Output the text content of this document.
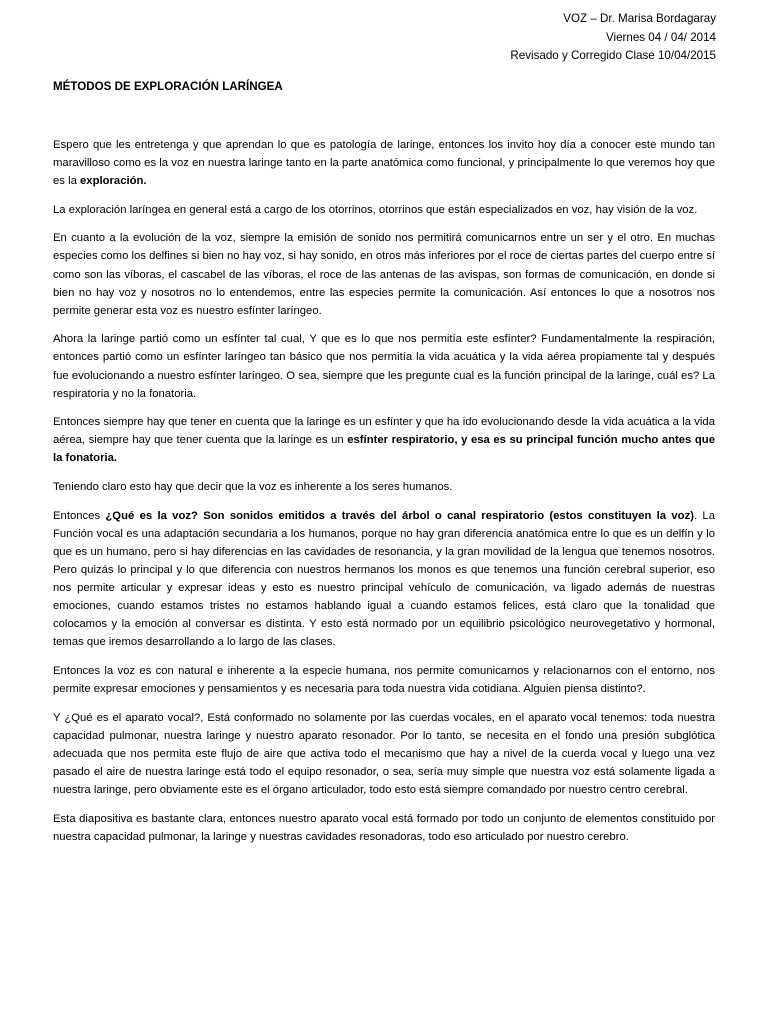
VOZ – Dr. Marisa Bordagaray
Viernes 04 / 04/ 2014
Revisado y Corregido Clase 10/04/2015
MÉTODOS DE EXPLORACIÓN LARÍNGEA

Espero que les entretenga y que aprendan lo que es patología de laringe, entonces los invito hoy día a conocer este mundo tan maravilloso como es la voz en nuestra laringe tanto en la parte anatómica como funcional, y principalmente lo que veremos hoy que es la exploración.

La exploración laríngea en general está a cargo de los otorrinos, otorrinos que están especializados en voz, hay visión de la voz.

En cuanto a la evolución de la voz, siempre la emisión de sonido nos permitirá comunicarnos entre un ser y el otro. En muchas especies como los delfines si bien no hay voz, si hay sonido, en otros más inferiores por el roce de ciertas partes del cuerpo entre sí como son las víboras, el cascabel de las víboras, el roce de las antenas de las avispas, son formas de comunicación, en donde si bien no hay voz y nosotros no lo entendemos, entre las especies permite la comunicación. Así entonces lo que a nosotros nos permite generar esta voz es nuestro esfínter laríngeo.

Ahora la laringe partió como un esfínter tal cual, Y que es lo que nos permitía este esfínter? Fundamentalmente la respiración, entonces partió como un esfínter laríngeo tan básico que nos permitía la vida acuática y la vida aérea propiamente tal y después fue evolucionando a nuestro esfínter laríngeo. O sea, siempre que les pregunte cual es la función principal de la laringe, cuál es? La respiratoria y no la fonatoria.

Entonces siempre hay que tener en cuenta que la laringe es un esfínter y que ha ido evolucionando desde la vida acuática a la vida aérea, siempre hay que tener cuenta que la laringe es un esfínter respiratorio, y esa es su principal función mucho antes que la fonatoria.

Teniendo claro esto hay que decir que la voz es inherente a los seres humanos.

Entonces ¿Qué es la voz? Son sonidos emitidos a través del árbol o canal respiratorio (estos constituyen la voz). La Función vocal es una adaptación secundaria a los humanos, porque no hay gran diferencia anatómica entre lo que es un delfín y lo que es un humano, pero si hay diferencias en las cavidades de resonancia, y la gran movilidad de la lengua que tenemos nosotros. Pero quizás lo principal y lo que diferencia con nuestros hermanos los monos es que tenemos una función cerebral superior, eso nos permite articular y expresar ideas y esto es nuestro principal vehículo de comunicación, va ligado además de nuestras emociones, cuando estamos tristes no estamos hablando igual a cuando estamos felices, está claro que la tonalidad que colocamos y la emoción al conversar es distinta. Y esto está normado por un equilibrio psicológico neurovegetativo y hormonal, temas que iremos desarrollando a lo largo de las clases.

Entonces la voz es con natural e inherente a la especie humana, nos permite comunicarnos y relacionarnos con el entorno, nos permite expresar emociones y pensamientos y es necesaria para toda nuestra vida cotidiana. Alguien piensa distinto?.

Y ¿Qué es el aparato vocal?, Está conformado no solamente por las cuerdas vocales, en el aparato vocal tenemos: toda nuestra capacidad pulmonar, nuestra laringe y nuestro aparato resonador. Por lo tanto, se necesita en el fondo una presión subglótica adecuada que nos permita este flujo de aire que activa todo el mecanismo que hay a nivel de la cuerda vocal y luego una vez pasado el aire de nuestra laringe está todo el equipo resonador, o sea, sería muy simple que nuestra voz está solamente ligada a nuestra laringe, pero obviamente este es el órgano articulador, todo esto está siempre comandado por nuestro centro cerebral.

Esta diapositiva es bastante clara, entonces nuestro aparato vocal está formado por todo un conjunto de elementos constituido por nuestra capacidad pulmonar, la laringe y nuestras cavidades resonadoras, todo eso articulado por nuestro cerebro.
